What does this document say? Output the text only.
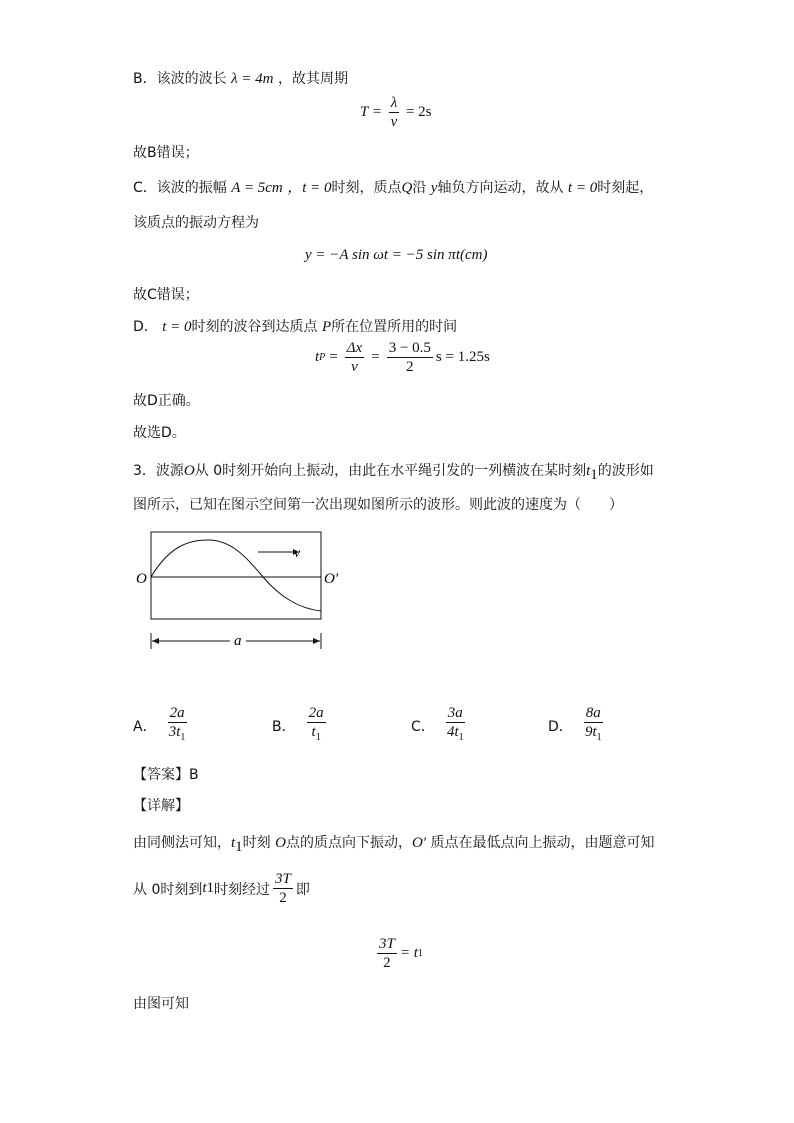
B．该波的波长 λ = 4m ，故其周期
$T = \frac{\lambda}{v} = 2s$
故B错误；
C．该波的振幅 A = 5cm ，t = 0时刻，质点Q沿 y轴负方向运动，故从 t = 0时刻起，
该质点的振动方程为
y = −A sin ωt = −5 sin πt(cm)
故C错误；
D． t = 0时刻的波谷到达质点 P所在位置所用的时间
t $P = \frac{\Delta x}{v} = \frac{3 - 0.5}{2}$ s = 1.25s
故D正确。
故选D。
3．波源O从 0时刻开始向上振动，由此在水平绳引发的一列横波在某时刻$t_1$的波形如
图所示，已知在图示空间第一次出现如图所示的波形。则此波的速度为（　　）
v
O	O′
a
A． $\frac{2a}{3t_1}$	B． $\frac{2a}{t_1}$	C． $\frac{3a}{4t_1}$	D． $\frac{8a}{9t_1}$
【答案】B
【详解】
由同侧法可知，$t_1$时刻 O点的质点向下振动，O′ 质点在最低点向上振动，由题意可知
从 0时刻到 t 1 时刻经过 $\frac{3T}{2}$ 即
$\frac{3T}{2} = t$ 1
由图可知
